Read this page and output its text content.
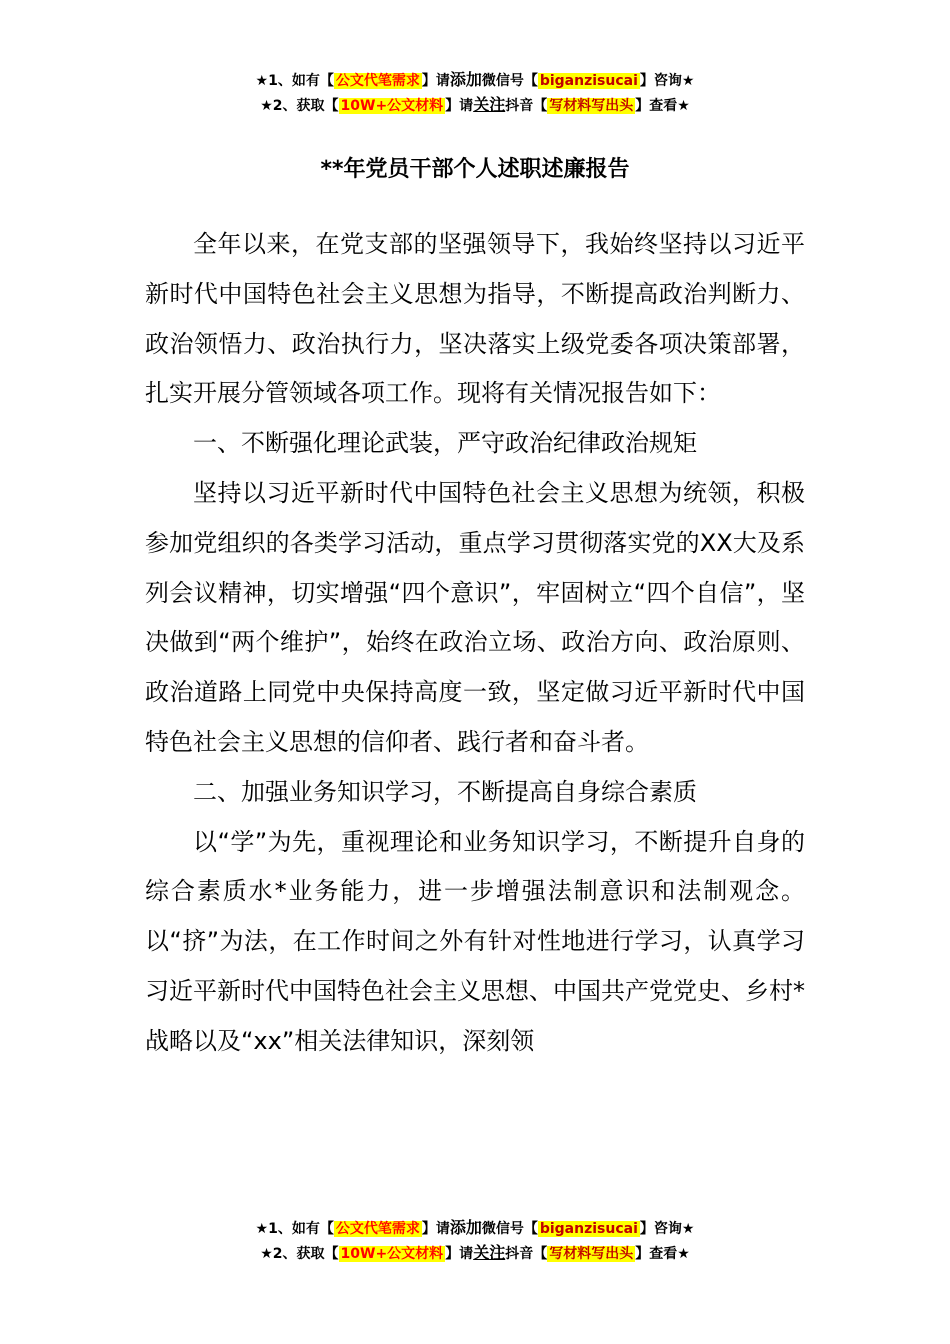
★1、如有【 公文代笔需求 】请添加微信号【 biganzisucai 】咨询★
★2、获取【 10W+公文材料 】请关注抖音【 写材料写出头 】查看★
**年党员干部个人述职述廉报告

全年以来，在党支部的坚强领导下，我始终坚持以习近平新时代中国特色社会主义思想为指导，不断提高政治判断力、政治领悟力、政治执行力，坚决落实上级党委各项决策部署，扎实开展分管领域各项工作。现将有关情况报告如下：

一、不断强化理论武装，严守政治纪律政治规矩

坚持以习近平新时代中国特色社会主义思想为统领，积极参加党组织的各类学习活动，重点学习贯彻落实党的XX大及系列会议精神，切实增强“四个意识”，牢固树立“四个自信”，坚决做到“两个维护”，始终在政治立场、政治方向、政治原则、政治道路上同党中央保持高度一致，坚定做习近平新时代中国特色社会主义思想的信仰者、践行者和奋斗者。

二、加强业务知识学习，不断提高自身综合素质

以“学”为先，重视理论和业务知识学习，不断提升自身的综合素质水*业务能力，进一步增强法制意识和法制观念。以“挤”为法，在工作时间之外有针对性地进行学习，认真学习习近平新时代中国特色社会主义思想、中国共产党党史、乡村*战略以及“xx”相关法律知识，深刻领

★1、如有【 公文代笔需求 】请添加微信号【 biganzisucai 】咨询★
★2、获取【 10W+公文材料 】请关注抖音【 写材料写出头 】查看★
